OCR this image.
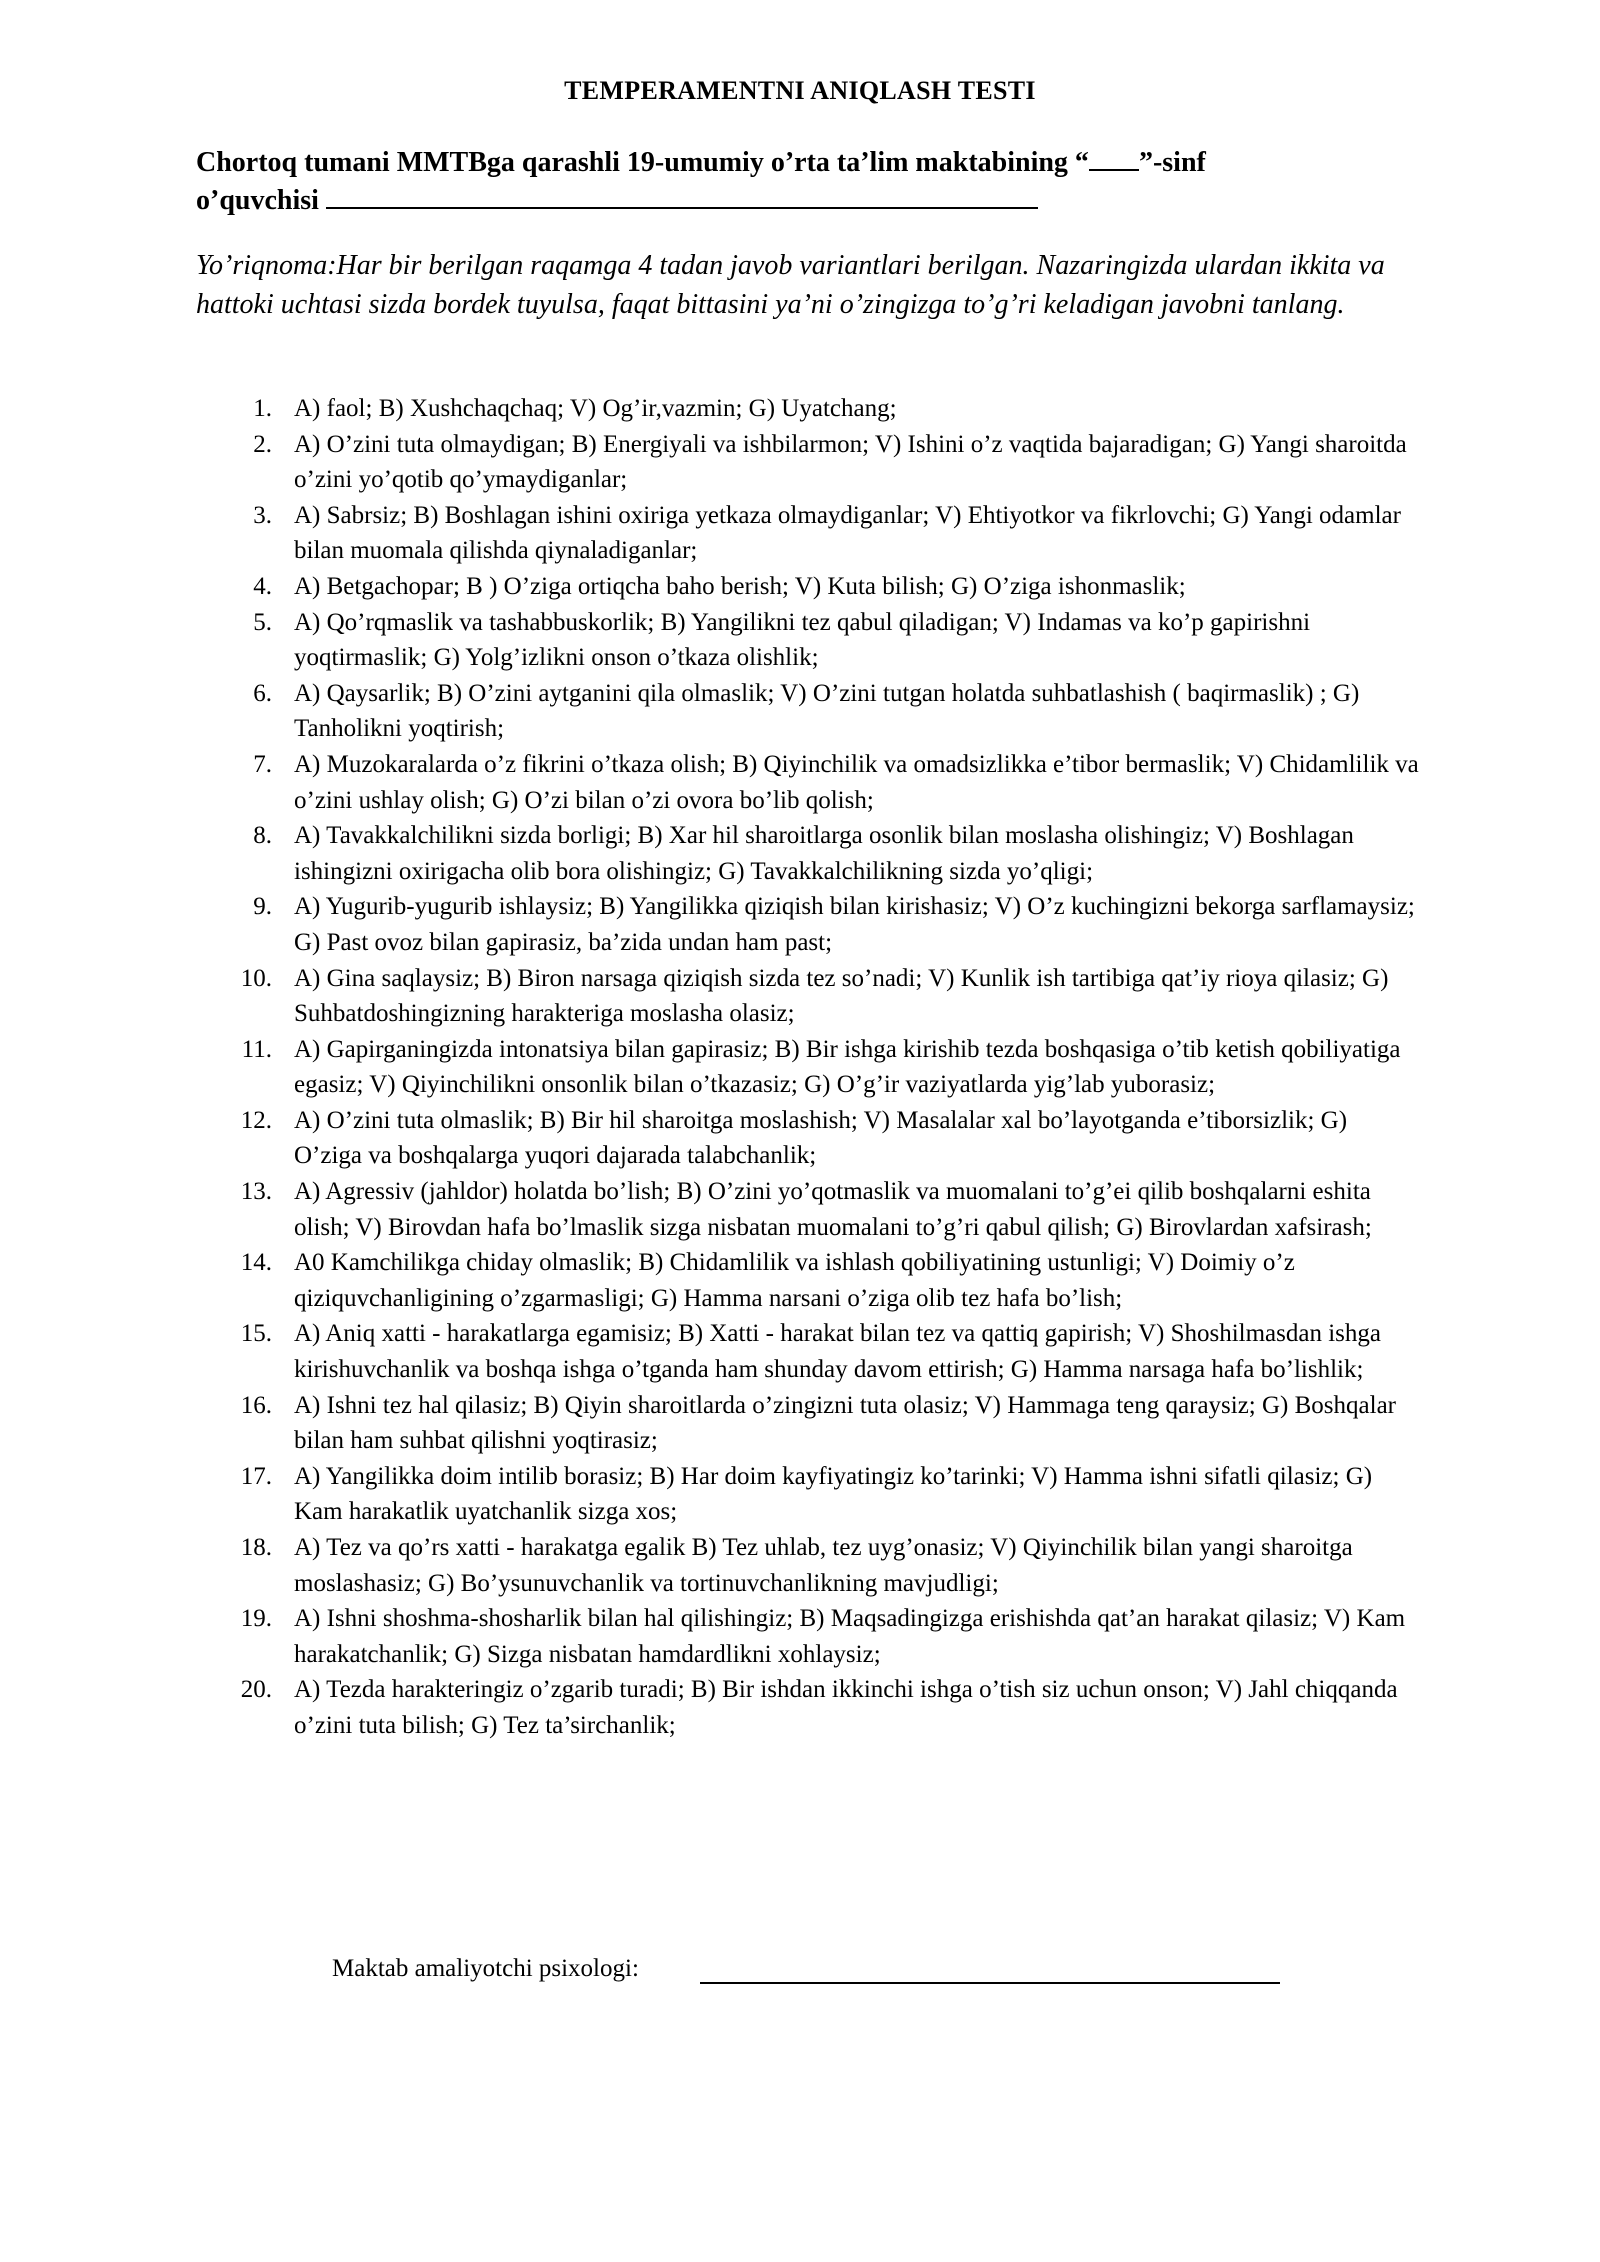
TEMPERAMENTNI ANIQLASH TESTI
Chortoq tumani MMTBga qarashli 19-umumiy o’rta ta’lim maktabining “ ”-sinf
o’quvchisi
Yo’riqnoma:Har bir berilgan raqamga 4 tadan javob variantlari berilgan. Nazaringizda ulardan ikkita va hattoki uchtasi sizda bordek tuyulsa, faqat bittasini ya’ni o’zingizga to’g’ri keladigan javobni tanlang.
1. A) faol; B) Xushchaqchaq; V) Og’ir,vazmin; G) Uyatchang;
2. A) O’zini tuta olmaydigan; B) Energiyali va ishbilarmon; V) Ishini o’z vaqtida bajaradigan; G) Yangi sharoitda o’zini yo’qotib qo’ymaydiganlar;
3. A) Sabrsiz; B) Boshlagan ishini oxiriga yetkaza olmaydiganlar; V) Ehtiyotkor va fikrlovchi; G) Yangi odamlar bilan muomala qilishda qiynaladiganlar;
4. A) Betgachopar; B ) O’ziga ortiqcha baho berish; V) Kuta bilish; G) O’ziga ishonmaslik;
5. A) Qo’rqmaslik va tashabbuskorlik; B) Yangilikni tez qabul qiladigan; V) Indamas va ko’p gapirishni yoqtirmaslik; G) Yolg’izlikni onson o’tkaza olishlik;
6. A) Qaysarlik; B) O’zini aytganini qila olmaslik; V) O’zini tutgan holatda suhbatlashish ( baqirmaslik) ; G) Tanholikni yoqtirish;
7. A) Muzokaralarda o’z fikrini o’tkaza olish; B) Qiyinchilik va omadsizlikka e’tibor bermaslik; V) Chidamlilik va o’zini ushlay olish; G) O’zi bilan o’zi ovora bo’lib qolish;
8. A) Tavakkalchilikni sizda borligi; B) Xar hil sharoitlarga osonlik bilan moslasha olishingiz; V) Boshlagan ishingizni oxirigacha olib bora olishingiz; G) Tavakkalchilikning sizda yo’qligi;
9. A) Yugurib-yugurib ishlaysiz; B) Yangilikka qiziqish bilan kirishasiz; V) O’z kuchingizni bekorga sarflamaysiz; G) Past ovoz bilan gapirasiz, ba’zida undan ham past;
10. A) Gina saqlaysiz; B) Biron narsaga qiziqish sizda tez so’nadi; V) Kunlik ish tartibiga qat’iy rioya qilasiz; G) Suhbatdoshingizning harakteriga moslasha olasiz;
11. A) Gapirganingizda intonatsiya bilan gapirasiz; B) Bir ishga kirishib tezda boshqasiga o’tib ketish qobiliyatiga egasiz; V) Qiyinchilikni onsonlik bilan o’tkazasiz; G) O’g’ir vaziyatlarda yig’lab yuborasiz;
12. A) O’zini tuta olmaslik; B) Bir hil sharoitga moslashish; V) Masalalar xal bo’layotganda e’tiborsizlik; G) O’ziga va boshqalarga yuqori dajarada talabchanlik;
13. A) Agressiv (jahldor) holatda bo’lish; B) O’zini yo’qotmaslik va muomalani to’g’ei qilib boshqalarni eshita olish; V) Birovdan hafa bo’lmaslik sizga nisbatan muomalani to’g’ri qabul qilish; G) Birovlardan xafsirash;
14. A0 Kamchilikga chiday olmaslik; B) Chidamlilik va ishlash qobiliyatining ustunligi; V) Doimiy o’z qiziquvchanligining o’zgarmasligi; G) Hamma narsani o’ziga olib tez hafa bo’lish;
15. A) Aniq xatti - harakatlarga egamisiz; B) Xatti - harakat bilan tez va qattiq gapirish; V) Shoshilmasdan ishga kirishuvchanlik va boshqa ishga o’tganda ham shunday davom ettirish; G) Hamma narsaga hafa bo’lishlik;
16. A) Ishni tez hal qilasiz; B) Qiyin sharoitlarda o’zingizni tuta olasiz; V) Hammaga teng qaraysiz; G) Boshqalar bilan ham suhbat qilishni yoqtirasiz;
17. A) Yangilikka doim intilib borasiz; B) Har doim kayfiyatingiz ko’tarinki; V) Hamma ishni sifatli qilasiz; G) Kam harakatlik uyatchanlik sizga xos;
18. A) Tez va qo’rs xatti - harakatga egalik B) Tez uhlab, tez uyg’onasiz; V) Qiyinchilik bilan yangi sharoitga moslashasiz; G) Bo’ysunuvchanlik va tortinuvchanlikning mavjudligi;
19. A) Ishni shoshma-shosharlik bilan hal qilishingiz; B) Maqsadingizga erishishda qat’an harakat qilasiz; V) Kam harakatchanlik; G) Sizga nisbatan hamdardlikni xohlaysiz;
20. A) Tezda harakteringiz o’zgarib turadi; B) Bir ishdan ikkinchi ishga o’tish siz uchun onson; V) Jahl chiqqanda o’zini tuta bilish; G) Tez ta’sirchanlik;
Maktab amaliyotchi psixologi:
